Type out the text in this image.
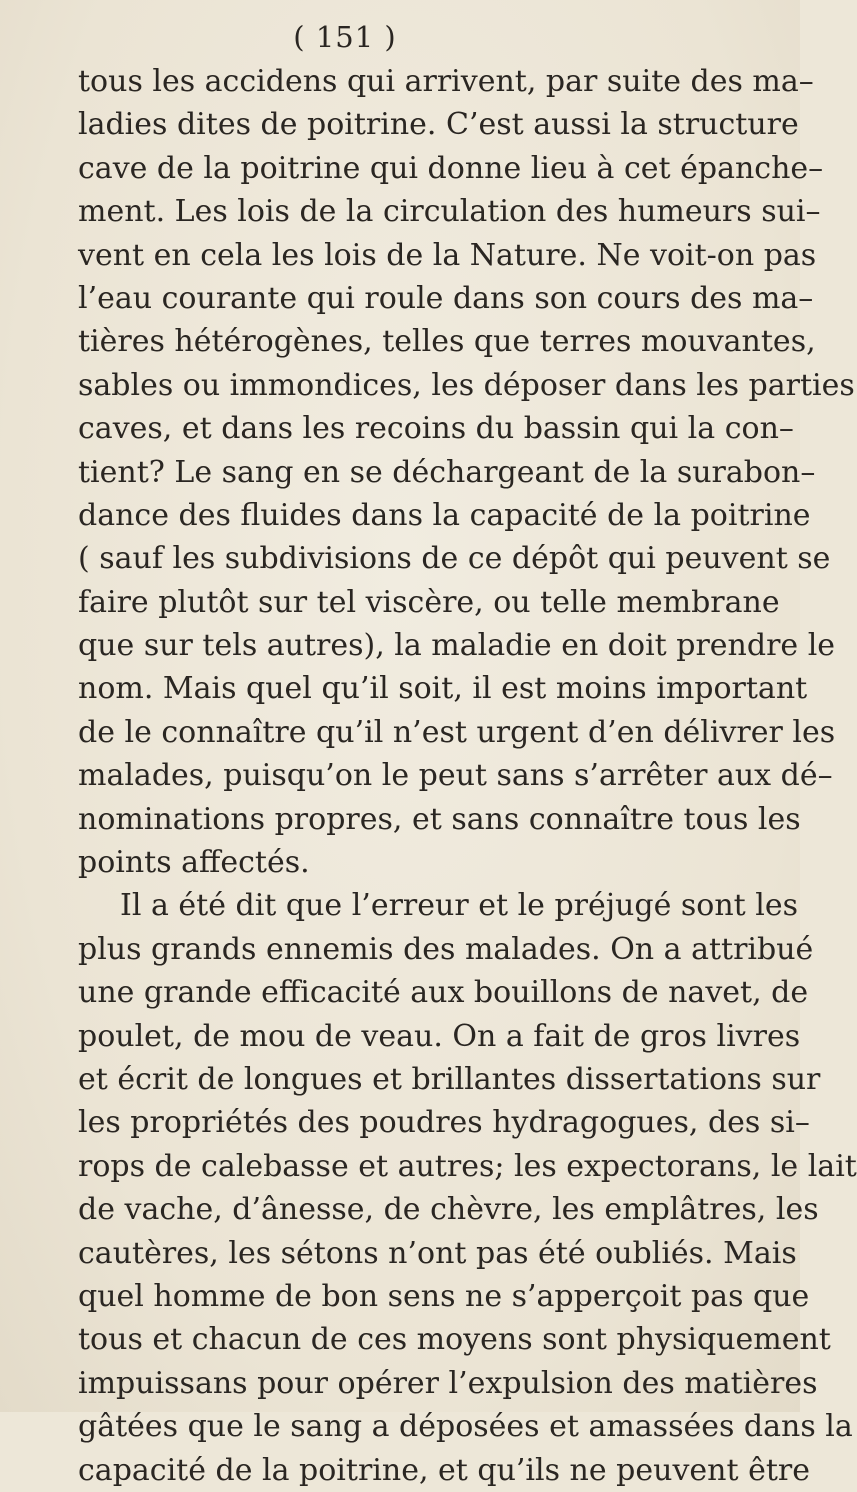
( 151 )
tous les accidens qui arrivent, par suite des ma–
ladies dites de poitrine. C’est aussi la structure
cave de la poitrine qui donne lieu à cet épanche–
ment. Les lois de la circulation des humeurs sui–
vent en cela les lois de la Nature. Ne voit-on pas
l’eau courante qui roule dans son cours des ma–
tières hétérogènes, telles que terres mouvantes,
sables ou immondices, les déposer dans les parties
caves, et dans les recoins du bassin qui la con–
tient? Le sang en se déchargeant de la surabon–
dance des fluides dans la capacité de la poitrine
( sauf les subdivisions de ce dépôt qui peuvent se
faire plutôt sur tel viscère, ou telle membrane
que sur tels autres), la maladie en doit prendre le
nom. Mais quel qu’il soit, il est moins important
de le connaître qu’il n’est urgent d’en délivrer les
malades, puisqu’on le peut sans s’arrêter aux dé–
nominations propres, et sans connaître tous les
points affectés.
Il a été dit que l’erreur et le préjugé sont les
plus grands ennemis des malades. On a attribué
une grande efficacité aux bouillons de navet, de
poulet, de mou de veau. On a fait de gros livres
et écrit de longues et brillantes dissertations sur
les propriétés des poudres hydragogues, des si–
rops de calebasse et autres; les expectorans, le lait
de vache, d’ânesse, de chèvre, les emplâtres, les
cautères, les sétons n’ont pas été oubliés. Mais
quel homme de bon sens ne s’apperçoit pas que
tous et chacun de ces moyens sont physiquement
impuissans pour opérer l’expulsion des matières
gâtées que le sang a déposées et amassées dans la
capacité de la poitrine, et qu’ils ne peuvent être
